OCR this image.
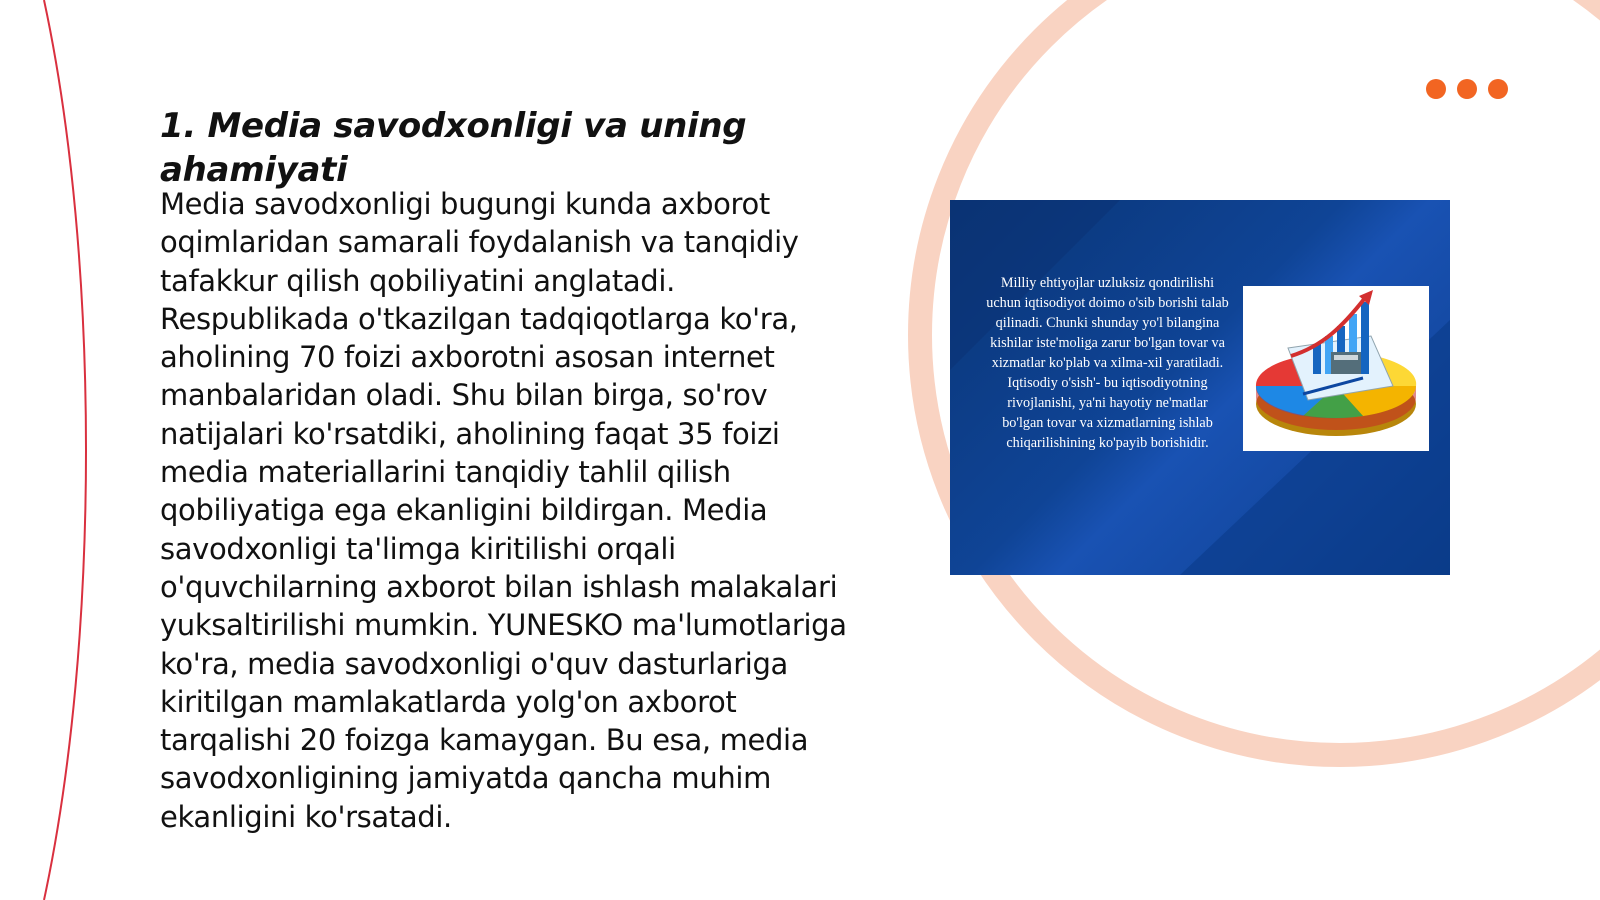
1. Media savodxonligi va uning ahamiyati

Media savodxonligi bugungi kunda axborot oqimlaridan samarali foydalanish va tanqidiy tafakkur qilish qobiliyatini anglatadi. Respublikada o'tkazilgan tadqiqotlarga ko'ra, aholining 70 foizi axborotni asosan internet manbalaridan oladi. Shu bilan birga, so'rov natijalari ko'rsatdiki, aholining faqat 35 foizi media materiallarini tanqidiy tahlil qilish qobiliyatiga ega ekanligini bildirgan. Media savodxonligi ta'limga kiritilishi orqali o'quvchilarning axborot bilan ishlash malakalari yuksaltirilishi mumkin. YUNESKO ma'lumotlariga ko'ra, media savodxonligi o'quv dasturlariga kiritilgan mamlakatlarda yolg'on axborot tarqalishi 20 foizga kamaygan. Bu esa, media savodxonligining jamiyatda qancha muhim ekanligini ko'rsatadi.

Milliy ehtiyojlar uzluksiz qondirilishi uchun iqtisodiyot doimo o'sib borishi talab qilinadi. Chunki shunday yo'l bilangina kishilar iste'moliga zarur bo'lgan tovar va xizmatlar ko'plab va xilma-xil yaratiladi. Iqtisodiy o'sish'- bu iqtisodiyotning rivojlanishi, ya'ni hayotiy ne'matlar bo'lgan tovar va xizmatlarning ishlab chiqarilishining ko'payib borishidir.
